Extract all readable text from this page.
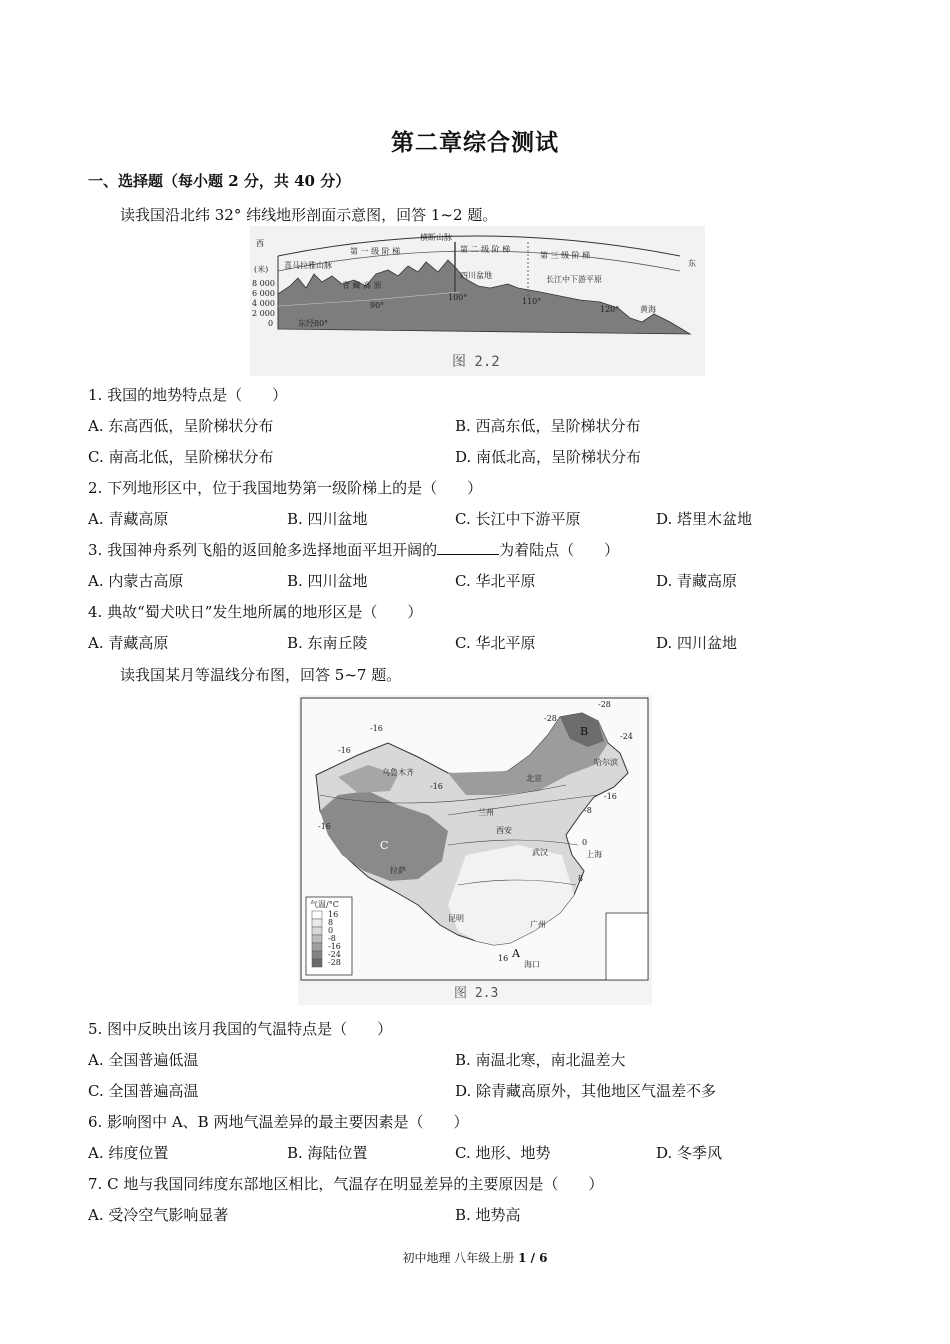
第二章综合测试
一、选择题（每小题 2 分，共 40 分）
读我国沿北纬 32° 纬线地形剖面示意图，回答 1~2 题。
西
东
(米)
8 000
6 000
4 000
2 000
0
喜马拉雅山脉
横断山脉
第 一 级 阶 梯	第 二 级 阶 梯
第 三 级 阶 梯
青 藏 高 原
四川盆地	长江中下游平原
黄海
东经80°
90°
100°	110°
120°
图 2.2
1. 我国的地势特点是（　　）
A. 东高西低，呈阶梯状分布	B. 西高东低，呈阶梯状分布
C. 南高北低，呈阶梯状分布	D. 南低北高，呈阶梯状分布
2. 下列地形区中，位于我国地势第一级阶梯上的是（　　）
A. 青藏高原	B. 四川盆地	C. 长江中下游平原	D. 塔里木盆地
3. 我国神舟系列飞船的返回舱多选择地面平坦开阔的	为着陆点（　　）
A. 内蒙古高原	B. 四川盆地	C. 华北平原	D. 青藏高原
4. 典故“蜀犬吠日”发生地所属的地形区是（　　）
A. 青藏高原	B. 东南丘陵	C. 华北平原	D. 四川盆地
读我国某月等温线分布图，回答 5~7 题。
B
C
A
乌鲁木齐
哈尔滨
北京
兰州
西安
拉萨
武汉	上海
昆明
广州
海口
-28
-28
-24
-16
-16
-16
-16
-16
-8
0
8
16
气温/°C
16
8
0
-8
-16
-24
-28
图 2.3
5. 图中反映出该月我国的气温特点是（　　）
A. 全国普遍低温	B. 南温北寒，南北温差大
C. 全国普遍高温	D. 除青藏高原外，其他地区气温差不多
6. 影响图中 A、B 两地气温差异的最主要因素是（　　）
A. 纬度位置	B. 海陆位置	C. 地形、地势	D. 冬季风
7. C 地与我国同纬度东部地区相比，气温存在明显差异的主要原因是（　　）
A. 受冷空气影响显著	B. 地势高
初中地理 八年级上册 1 / 6
